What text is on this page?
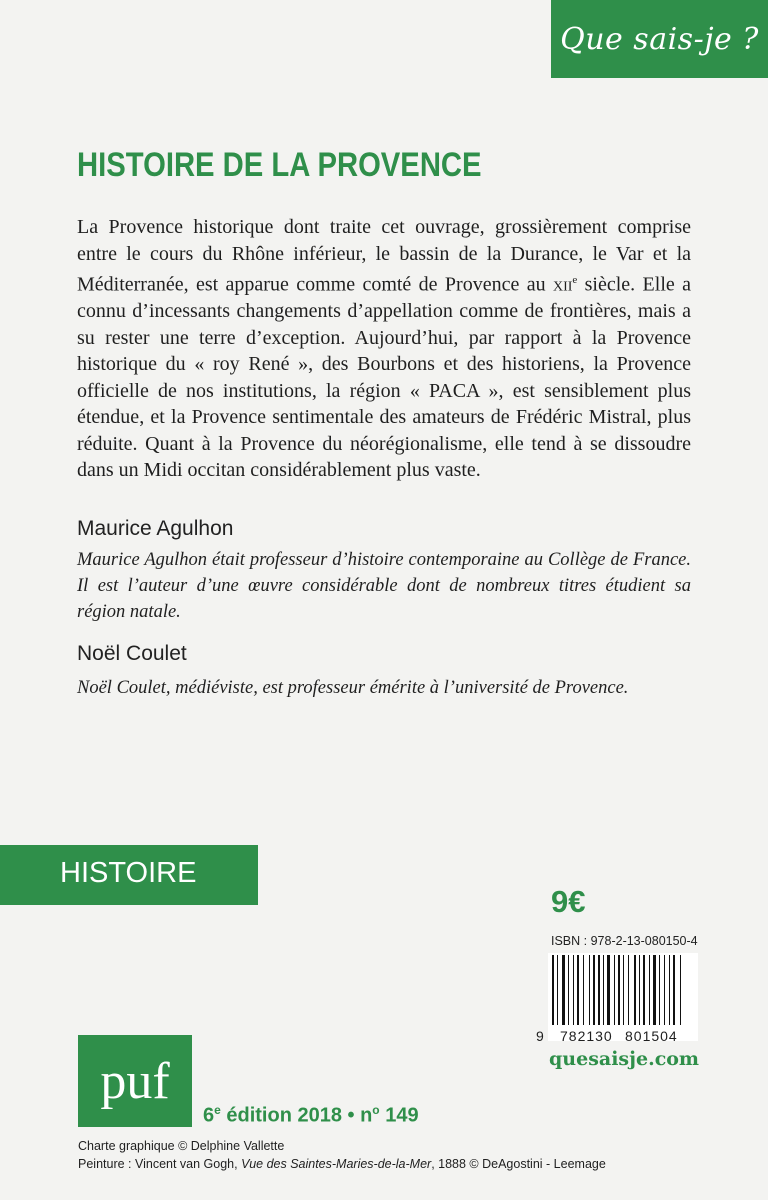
Que sais-je ?
HISTOIRE DE LA PROVENCE

La Provence historique dont traite cet ouvrage, grossièrement comprise entre le cours du Rhône inférieur, le bassin de la Durance, le Var et la Méditerranée, est apparue comme comté de Provence au xii$^e$ siècle. Elle a connu d’incessants changements d’appellation comme de frontières, mais a su rester une terre d’exception. Aujourd’hui, par rapport à la Provence historique du « roy René », des Bourbons et des historiens, la Provence officielle de nos institutions, la région « PACA », est sensiblement plus étendue, et la Provence sentimentale des amateurs de Frédéric Mistral, plus réduite. Quant à la Provence du néorégionalisme, elle tend à se dissoudre dans un Midi occitan considérablement plus vaste.

Maurice Agulhon

Maurice Agulhon était professeur d’histoire contemporaine au Collège de France. Il est l’auteur d’une œuvre considérable dont de nombreux titres étudient sa région natale.

Noël Coulet

Noël Coulet, médiéviste, est professeur émérite à l’université de Provence.

HISTOIRE
9€
ISBN : 978-2-13-080150-4
9 782130 801504
quesaisje.com
puf
6e édition 2018 • $n^o$ 149
Charte graphique © Delphine Vallette
Peinture : Vincent van Gogh, Vue des Saintes-Maries-de-la-Mer, 1888 © DeAgostini - Leemage
